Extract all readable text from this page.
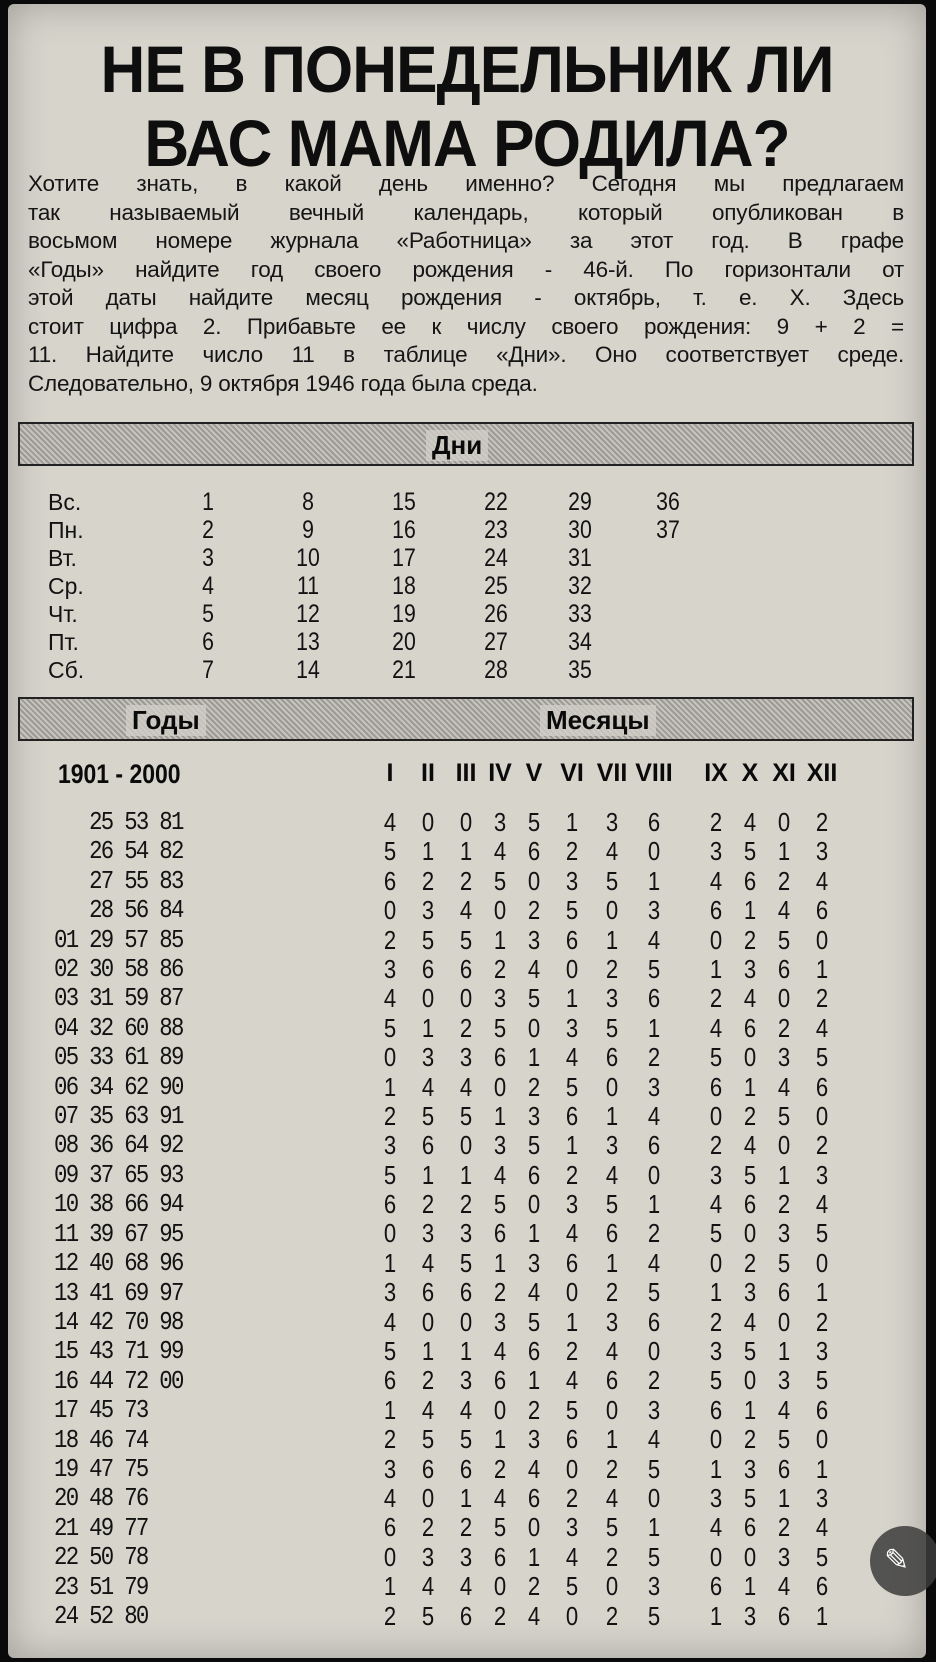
НЕ В ПОНЕДЕЛЬНИК ЛИ
ВАС МАМА РОДИЛА?
Хотите знать, в какой день именно? Сегодня мы предлагаем
так называемый вечный календарь, который опубликован в
восьмом номере журнала «Работница» за этот год. В графе
«Годы» найдите год своего рождения - 46-й. По горизонтали от
этой даты найдите месяц рождения - октябрь, т. е. Х. Здесь
стоит цифра 2. Прибавьте ее к числу своего рождения: 9 + 2 =
11. Найдите число 11 в таблице «Дни». Оно соответствует среде.
Следовательно, 9 октября 1946 года была среда.
Дни
Вс.
Пн.
Вт.
Ср.
Чт.
Пт.
Сб.
1
2
3
4
5
6
7
8
9
10
11
12
13
14
15
16
17
18
19
20
21
22
23
24
25
26
27
28
29
30
31
32
33
34
35
36
37

Годы	Месяцы
1901 - 2000	I II III IV V VI VII VIII IX X XI XII
25 53 81
26 54 82
27 55 83
28 56 84
01 29 57 85
02 30 58 86
03 31 59 87
04 32 60 88
05 33 61 89
06 34 62 90
07 35 63 91
08 36 64 92
09 37 65 93
10 38 66 94
11 39 67 95
12 40 68 96
13 41 69 97
14 42 70 98
15 43 71 99
16 44 72 00
17 45 73
18 46 74
19 47 75
20 48 76
21 49 77
22 50 78
23 51 79
24 52 80
4 0 0 3 5 1 3 6 2 4 0 2
5 1 1 4 6 2 4 0 3 5 1 3
6 2 2 5 0 3 5 1 4 6 2 4
0 3 4 0 2 5 0 3 6 1 4 6
2 5 5 1 3 6 1 4 0 2 5 0
3 6 6 2 4 0 2 5 1 3 6 1
4 0 0 3 5 1 3 6 2 4 0 2
5 1 2 5 0 3 5 1 4 6 2 4
0 3 3 6 1 4 6 2 5 0 3 5
1 4 4 0 2 5 0 3 6 1 4 6
2 5 5 1 3 6 1 4 0 2 5 0
3 6 0 3 5 1 3 6 2 4 0 2
5 1 1 4 6 2 4 0 3 5 1 3
6 2 2 5 0 3 5 1 4 6 2 4
0 3 3 6 1 4 6 2 5 0 3 5
1 4 5 1 3 6 1 4 0 2 5 0
3 6 6 2 4 0 2 5 1 3 6 1
4 0 0 3 5 1 3 6 2 4 0 2
5 1 1 4 6 2 4 0 3 5 1 3
6 2 3 6 1 4 6 2 5 0 3 5
1 4 4 0 2 5 0 3 6 1 4 6
2 5 5 1 3 6 1 4 0 2 5 0
3 6 6 2 4 0 2 5 1 3 6 1
4 0 1 4 6 2 4 0 3 5 1 3
6 2 2 5 0 3 5 1 4 6 2 4
0 3 3 6 1 4 2 5 0 0 3 5
1 4 4 0 2 5 0 3 6 1 4 6
2 5 6 2 4 0 2 5 1 3 6 1
✎
